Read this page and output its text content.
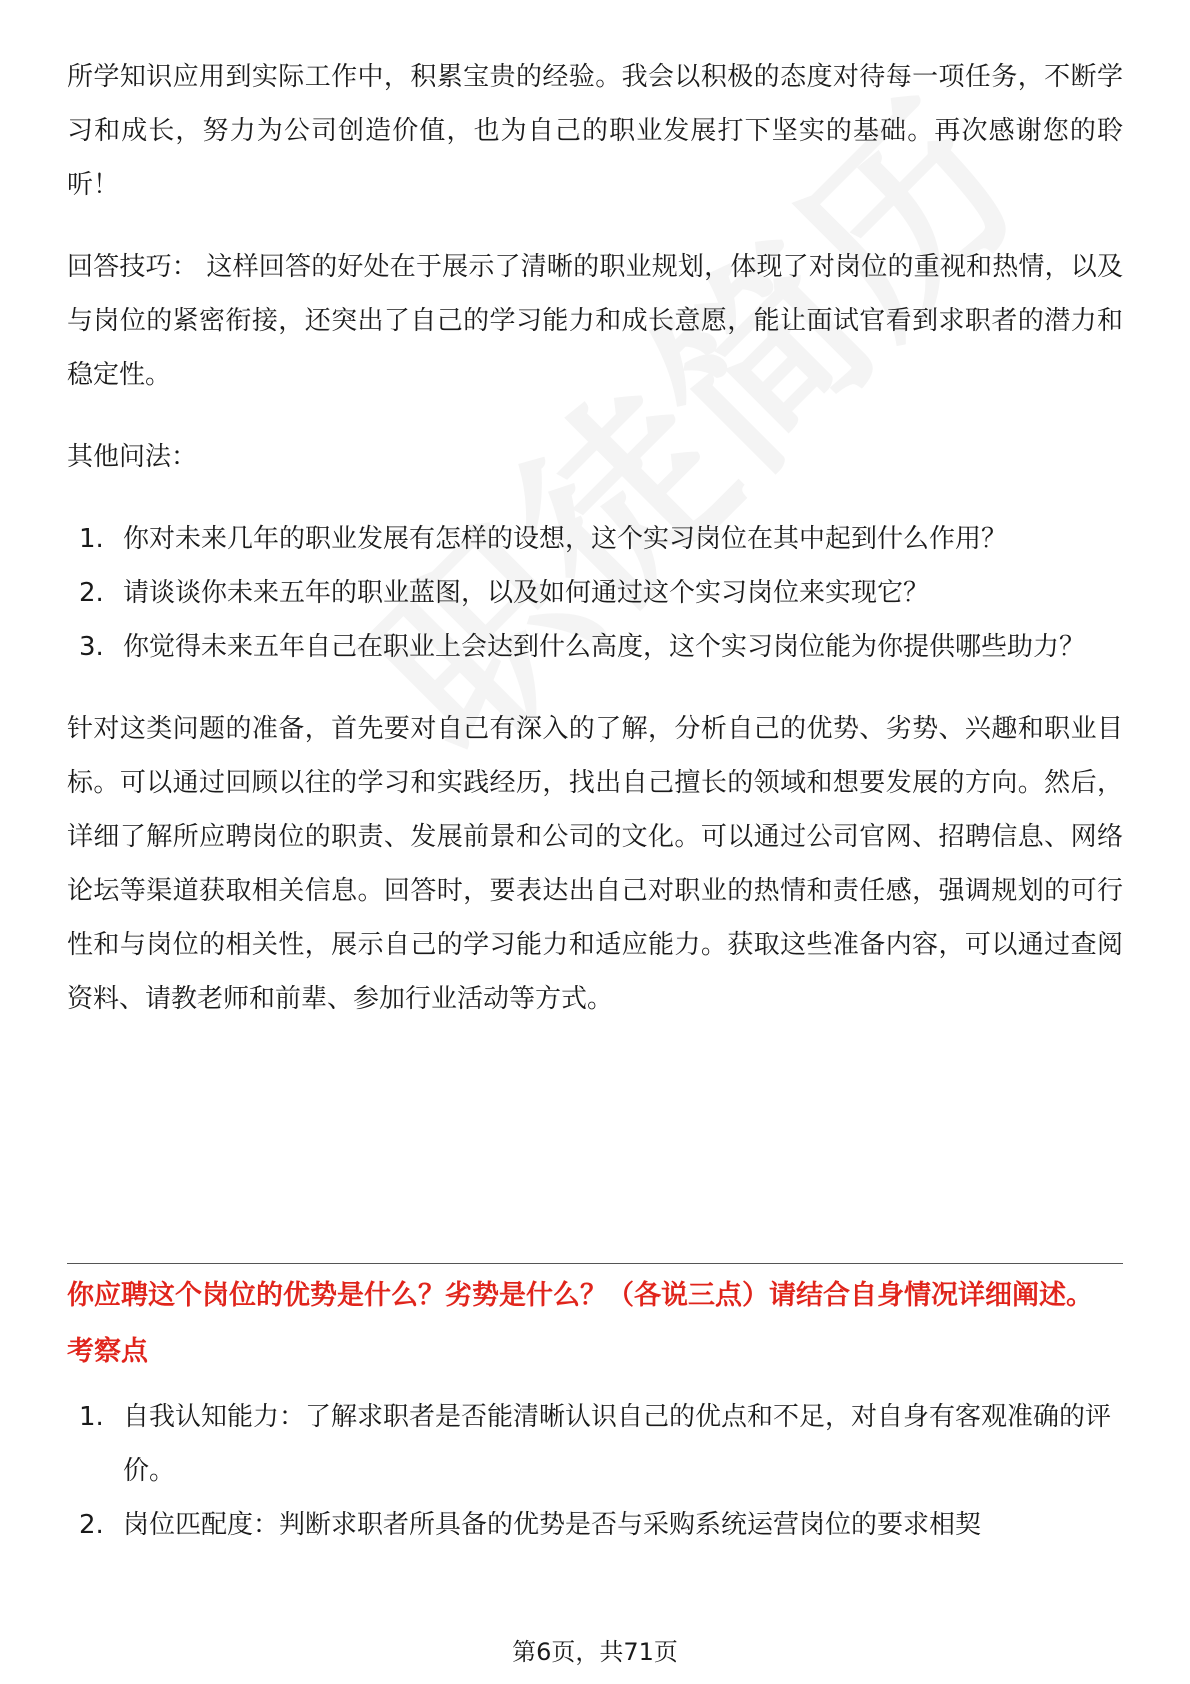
所学知识应用到实际工作中，积累宝贵的经验。我会以积极的态度对待每一项任务，不断学习和成长，努力为公司创造价值，也为自己的职业发展打下坚实的基础。再次感谢您的聆听！

回答技巧： 这样回答的好处在于展示了清晰的职业规划，体现了对岗位的重视和热情，以及与岗位的紧密衔接，还突出了自己的学习能力和成长意愿，能让面试官看到求职者的潜力和稳定性。

其他问法：

1. 你对未来几年的职业发展有怎样的设想，这个实习岗位在其中起到什么作用？
2. 请谈谈你未来五年的职业蓝图，以及如何通过这个实习岗位来实现它？
3. 你觉得未来五年自己在职业上会达到什么高度，这个实习岗位能为你提供哪些助力？

针对这类问题的准备，首先要对自己有深入的了解，分析自己的优势、劣势、兴趣和职业目标。可以通过回顾以往的学习和实践经历，找出自己擅长的领域和想要发展的方向。然后，详细了解所应聘岗位的职责、发展前景和公司的文化。可以通过公司官网、招聘信息、网络论坛等渠道获取相关信息。回答时，要表达出自己对职业的热情和责任感，强调规划的可行性和与岗位的相关性，展示自己的学习能力和适应能力。获取这些准备内容，可以通过查阅资料、请教老师和前辈、参加行业活动等方式。

你应聘这个岗位的优势是什么？劣势是什么？（各说三点）请结合自身情况详细阐述。

考察点

1. 自我认知能力：了解求职者是否能清晰认识自己的优点和不足，对自身有客观准确的评价。
2. 岗位匹配度：判断求职者所具备的优势是否与采购系统运营岗位的要求相契
第6页，共71页
